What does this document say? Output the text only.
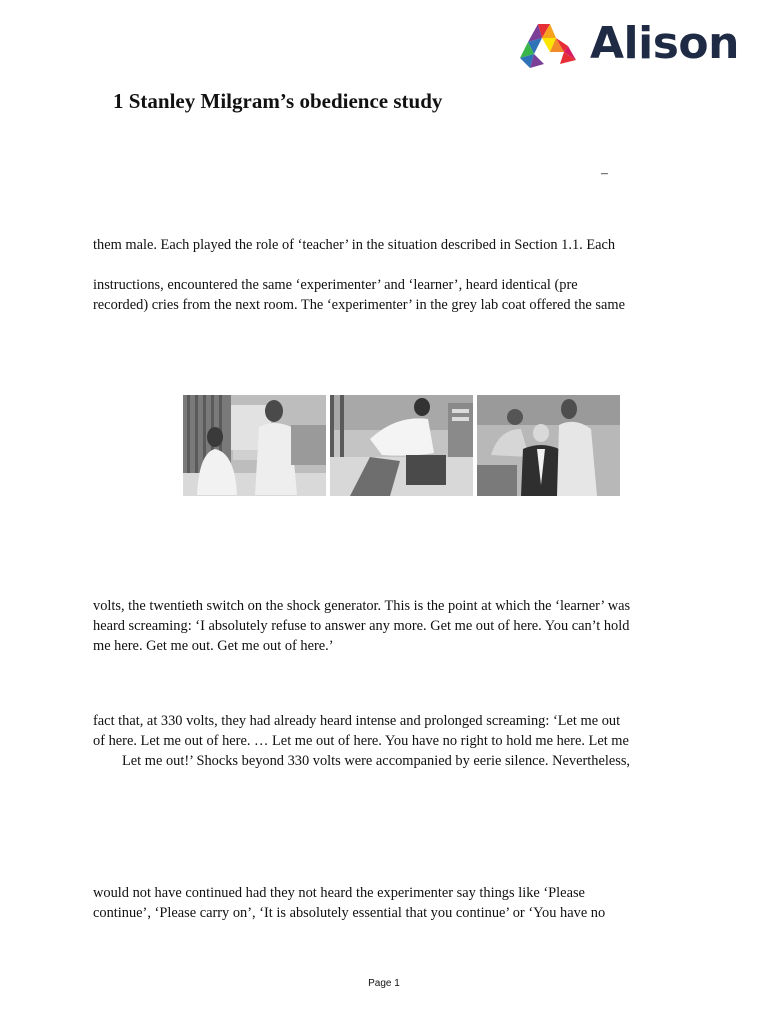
Alison
1 Stanley Milgram’s obedience study
–

them male. Each played the role of ‘teacher’ in the situation described in Section 1.1. Each

instructions, encountered the same ‘experimenter’ and ‘learner’, heard identical (pre

recorded) cries from the next room. The ‘experimenter’ in the grey lab coat offered the same

volts, the twentieth switch on the shock generator. This is the point at which the ‘learner’ was

heard screaming: ‘I absolutely refuse to answer any more. Get me out of here. You can’t hold

me here. Get me out. Get me out of here.’

fact that, at 330 volts, they had already heard intense and prolonged screaming: ‘Let me out

of here. Let me out of here. … Let me out of here. You have no right to hold me here. Let me

Let me out!’ Shocks beyond 330 volts were accompanied by eerie silence. Nevertheless,

would not have continued had they not heard the experimenter say things like ‘Please

continue’, ‘Please carry on’, ‘It is absolutely essential that you continue’ or ‘You have no

Page 1
